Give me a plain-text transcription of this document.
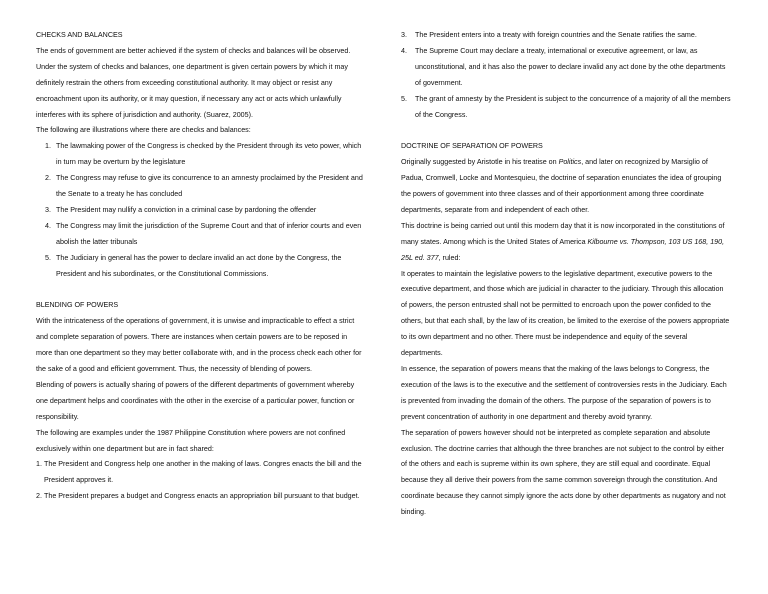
CHECKS AND BALANCES

The ends of government are better achieved if the system of checks and balances will be observed.

Under the system of checks and balances, one department is given certain powers by which it may definitely restrain the others from exceeding constitutional authority. It may object or resist any encroachment upon its authority, or it may question, if necessary any act or acts which unlawfully interferes with its sphere of jurisdiction and authority. (Suarez, 2005).

The following are illustrations where there are checks and balances:

1. The lawmaking power of the Congress is checked by the President through its veto power, which in turn may be overturn by the legislature
2. The Congress may refuse to give its concurrence to an amnesty proclaimed by the President and the Senate to a treaty he has concluded
3. The President may nullify a conviction in a criminal case by pardoning the offender
4. The Congress may limit the jurisdiction of the Supreme Court and that of inferior courts and even abolish the latter tribunals
5. The Judiciary in general has the power to declare invalid an act done by the Congress, the President and his subordinates, or the Constitutional Commissions.

BLENDING OF POWERS

With the intricateness of the operations of government, it is unwise and impracticable to effect a strict and complete separation of powers. There are instances when certain powers are to be reposed in more than one department so they may better collaborate with, and in the process check each other for the sake of a good and efficient government. Thus, the necessity of blending of powers.

Blending of powers is actually sharing of powers of the different departments of government whereby one department helps and coordinates with the other in the exercise of a particular power, function or responsibility.

The following are examples under the 1987 Philippine Constitution where powers are not confined exclusively within one department but are in fact shared:

1. The President and Congress help one another in the making of laws. Congres enacts the bill and the President approves it.
2. The President prepares a budget and Congress enacts an appropriation bill pursuant to that budget.
3. The President enters into a treaty with foreign countries and the Senate ratifies the same.
4. The Supreme Court may declare a treaty, international or executive agreement, or law, as unconstitutional, and it has also the power to declare invalid any act done by the othe departments of government.
5. The grant of amnesty by the President is subject to the concurrence of a majority of all the members of the Congress.

DOCTRINE OF SEPARATION OF POWERS

Originally suggested by Aristotle in his treatise on Politics, and later on recognized by Marsiglio of Padua, Cromwell, Locke and Montesquieu, the doctrine of separation enunciates the idea of grouping the powers of government into three classes and of their apportionment among three coordinate departments, separate from and independent of each other.

This doctrine is being carried out until this modern day that it is now incorporated in the constitutions of many states. Among which is the United States of America Kilbourne vs. Thompson, 103 US 168, 190, 25L ed. 377, ruled:

It operates to maintain the legislative powers to the legislative department, executive powers to the executive department, and those which are judicial in character to the judiciary. Through this allocation of powers, the person entrusted shall not be permitted to encroach upon the power confided to the others, but that each shall, by the law of its creation, be limited to the exercise of the powers appropriate to its own department and no other. There must be independence and equity of the several departments.

In essence, the separation of powers means that the making of the laws belongs to Congress, the execution of the laws is to the executive and the settlement of controversies rests in the Judiciary. Each is prevented from invading the domain of the others. The purpose of the separation of powers is to prevent concentration of authority in one department and thereby avoid tyranny.

The separation of powers however should not be interpreted as complete separation and absolute exclusion. The doctrine carries that although the three branches are not subject to the control by either of the others and each is supreme within its own sphere, they are still equal and coordinate. Equal because they all derive their powers from the same common sovereign through the constitution. And coordinate because they cannot simply ignore the acts done by other departments as nugatory and not binding.
